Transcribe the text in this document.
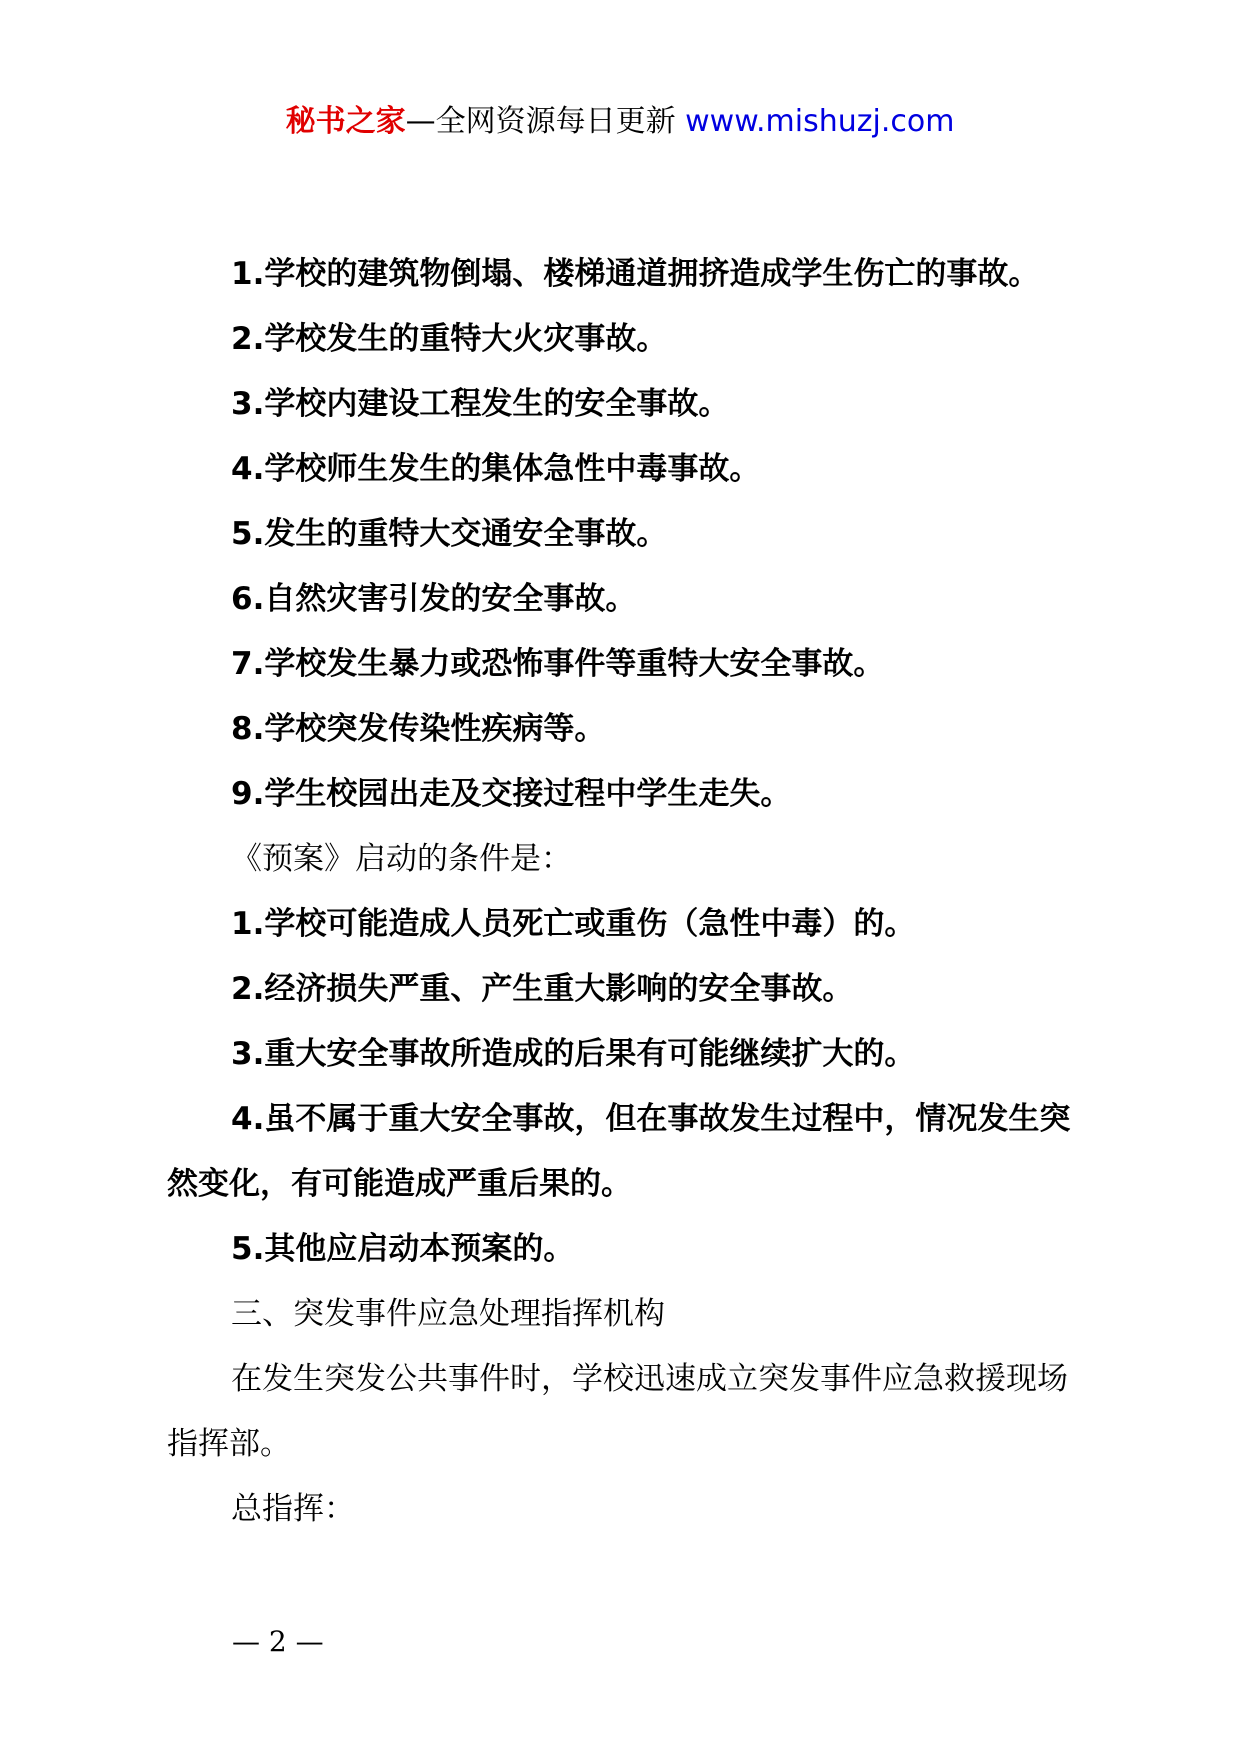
秘书之家—全网资源每日更新 www.mishuzj.com

1.学校的建筑物倒塌、楼梯通道拥挤造成学生伤亡的事故。

2.学校发生的重特大火灾事故。

3.学校内建设工程发生的安全事故。

4.学校师生发生的集体急性中毒事故。

5.发生的重特大交通安全事故。

6.自然灾害引发的安全事故。

7.学校发生暴力或恐怖事件等重特大安全事故。

8.学校突发传染性疾病等。

9.学生校园出走及交接过程中学生走失。

《预案》启动的条件是：

1.学校可能造成人员死亡或重伤（急性中毒）的。

2.经济损失严重、产生重大影响的安全事故。

3.重大安全事故所造成的后果有可能继续扩大的。

4.虽不属于重大安全事故，但在事故发生过程中，情况发生突然变化，有可能造成严重后果的。

5.其他应启动本预案的。

三、突发事件应急处理指挥机构

在发生突发公共事件时，学校迅速成立突发事件应急救援现场指挥部。

总指挥：

— 2 —
